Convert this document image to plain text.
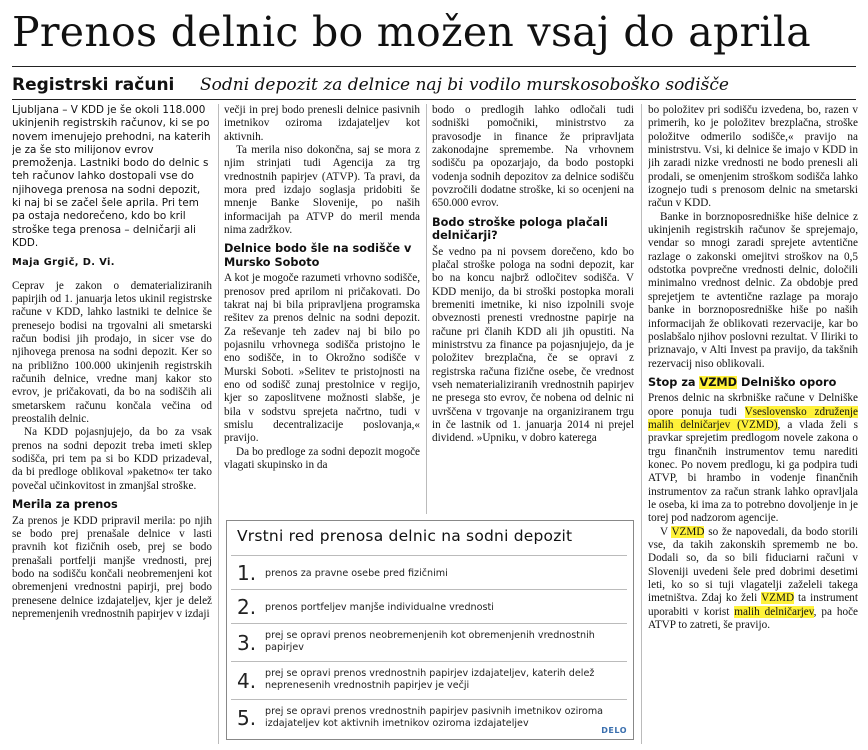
Prenos delnic bo možen vsaj do aprila
Registrski računi Sodni depozit za delnice naj bi vodilo murskosoboško sodišče

Ljubljana – V KDD je še okoli 118.000 ukinjenih registrskih računov, ki se po novem imenujejo prehodni, na katerih je za še sto milijonov evrov premoženja. Lastniki bodo do delnic s teh računov lahko dostopali vse do njihovega prenosa na sodni depozit, ki naj bi se začel šele aprila. Pri tem pa ostaja nedorečeno, kdo bo kril stroške tega prenosa – delničarji ali KDD.

Maja Grgič, D. Vi.

Ceprav je zakon o dematerializiranih papirjih od 1. januarja letos ukinil registrske račune v KDD, lahko lastniki te delnice še prenesejo bodisi na trgovalni ali smetarski račun bodisi jih prodajo, in sicer vse do njihovega prenosa na sodni depozit. Ker so na približno 100.000 ukinjenih registrskih računih delnice, vredne manj kakor sto evrov, je pričakovati, da bo na sodiščih ali smetarskem računu končala večina od preostalih delnic.

Na KDD pojasnjujejo, da bo za vsak prenos na sodni depozit treba imeti sklep sodišča, pri tem pa si bo KDD prizadeval, da bi predloge oblikoval »paketno« ter tako povečal učinkovitost in zmanjšal stroške.

Merila za prenos

Za prenos je KDD pripravil merila: po njih se bodo prej prenašale delnice v lasti pravnih kot fizičnih oseb, prej se bodo prenašali portfelji manjše vrednosti, prej bodo na sodišču končali neobremenjeni kot obremenjeni vrednostni papirji, prej bodo prenesene delnice izdajateljev, kjer je delež nepremenjenih vrednostnih papirjev v izdaji

večji in prej bodo prenesli delnice pasivnih imetnikov oziroma izdajateljev kot aktivnih.

Ta merila niso dokončna, saj se mora z njim strinjati tudi Agencija za trg vrednostnih papirjev (ATVP). Ta pravi, da mora pred izdajo soglasja pridobiti še mnenje Banke Slovenije, po naših informacijah pa ATVP do meril menda nima zadržkov.

Delnice bodo šle na sodišče v Mursko Soboto

A kot je mogoče razumeti vrhovno sodišče, prenosov pred aprilom ni pričakovati. Do takrat naj bi bila pripravljena programska rešitev za prenos delnic na sodni depozit. Za reševanje teh zadev naj bi bilo po pojasnilu vrhovnega sodišča pristojno le eno sodišče, in to Okrožno sodišče v Murski Soboti. »Selitev te pristojnosti na eno od sodišč zunaj prestolnice v regijo, kjer so zaposlitvene možnosti slabše, je bila v sodstvu sprejeta načrtno, tudi v smislu decentralizacije poslovanja,« pravijo.

Da bo predloge za sodni depozit mogoče vlagati skupinsko in da

bodo o predlogih lahko odločali tudi sodniški pomočniki, ministrstvo za pravosodje in finance že pripravljata zakonodajne spremembe. Na vrhovnem sodišču pa opozarjajo, da bodo postopki vodenja sodnih depozitov za delnice sodišču povzročili dodatne stroške, ki so ocenjeni na 650.000 evrov.

Bodo stroške pologa plačali delničarji?

Še vedno pa ni povsem dorečeno, kdo bo plačal stroške pologa na sodni depozit, kar bo na koncu najbrž odločitev sodišča. V KDD menijo, da bi stroški postopka morali bremeniti imetnike, ki niso izpolnili svoje obveznosti prenesti vrednostne papirje na račune pri članih KDD ali jih opustiti. Na ministrstvu za finance pa pojasnjujejo, da je položitev brezplačna, če se opravi z registrska računa fizične osebe, če vrednost vseh nematerializiranih vrednostnih papirjev ne presega sto evrov, če nobena od delnic ni uvrščena v trgovanje na organiziranem trgu in če lastnik od 1. januarja 2014 ni prejel dividend. »Upniku, v dobro katerega

bo položitev pri sodišču izvedena, bo, razen v primerih, ko je položitev brezplačna, stroške položitve odmerilo sodišče,« pravijo na ministrstvu. Vsi, ki delnice še imajo v KDD in jih zaradi nizke vrednosti ne bodo prenesli ali prodali, se omenjenim stroškom sodišča lahko izognejo tudi s prenosom delnic na smetarski račun v KDD.

Banke in borznoposredniške hiše delnice z ukinjenih registrskih računov še sprejemajo, vendar so mnogi zaradi sprejete avtentične razlage o zakonski omejitvi stroškov na 0,5 odstotka povprečne vrednosti delnic, določili minimalno vrednost delnic. Za obdobje pred sprejetjem te avtentične razlage pa morajo banke in borznoposredniške hiše po naših informacijah že oblikovati rezervacije, kar bo poslabšalo njihov poslovni rezultat. V Iliriki to priznavajo, v Alti Invest pa pravijo, da takšnih rezervacij niso oblikovali.

Stop za VZMD Delniško oporo

Prenos delnic na skrbniške račune v Delniške opore ponuja tudi Vseslovensko združenje malih delničarjev (VZMD), a vlada želi s pravkar sprejetim predlogom novele zakona o trgu finančnih instrumentov temu narediti konec. Po novem predlogu, ki ga podpira tudi ATVP, bi hrambo in vodenje finančnih instrumentov za račun strank lahko opravljala le oseba, ki ima za to potrebno dovoljenje in je torej pod nadzorom agencije.

V VZMD so že napovedali, da bodo storili vse, da takih zakonskih sprememb ne bo. Dodali so, da so bili fiduciarni računi v Sloveniji uvedeni šele pred dobrimi desetimi leti, ko so si tuji vlagatelji zaželeli takega imetništva. Zdaj ko želi VZMD ta instrument uporabiti v korist malih delničarjev, pa hoče ATVP to zatreti, še pravijo.

Vrstni red prenosa delnic na sodni depozit
1. prenos za pravne osebe pred fizičnimi
2. prenos portfeljev manjše individualne vrednosti
3. prej se opravi prenos neobremenjenih kot obremenjenih vrednostnih papirjev
4. prej se opravi prenos vrednostnih papirjev izdajateljev, katerih delež neprenesenih vrednostnih papirjev je večji
5. prej se opravi prenos vrednostnih papirjev pasivnih imetnikov oziroma izdajateljev kot aktivnih imetnikov oziroma izdajateljev
DELO
